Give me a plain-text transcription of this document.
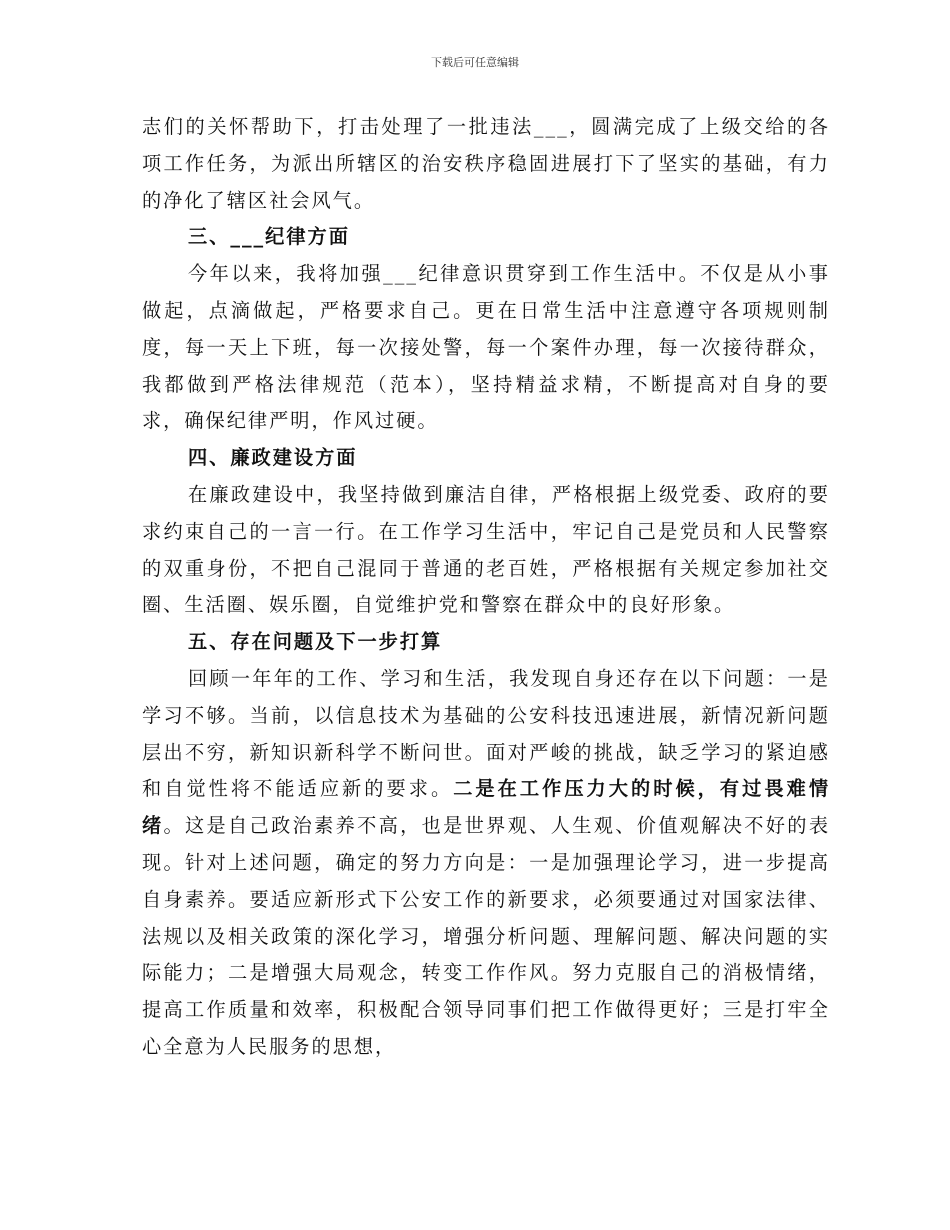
下载后可任意编辑

志们的关怀帮助下，打击处理了一批违法___，圆满完成了上级交给的各项工作任务，为派出所辖区的治安秩序稳固进展打下了坚实的基础，有力的净化了辖区社会风气。

三、___纪律方面

今年以来，我将加强___纪律意识贯穿到工作生活中。不仅是从小事做起，点滴做起，严格要求自己。更在日常生活中注意遵守各项规则制度，每一天上下班，每一次接处警，每一个案件办理，每一次接待群众，我都做到严格法律规范（范本），坚持精益求精，不断提高对自身的要求，确保纪律严明，作风过硬。

四、廉政建设方面

在廉政建设中，我坚持做到廉洁自律，严格根据上级党委、政府的要求约束自己的一言一行。在工作学习生活中，牢记自己是党员和人民警察的双重身份，不把自己混同于普通的老百姓，严格根据有关规定参加社交圈、生活圈、娱乐圈，自觉维护党和警察在群众中的良好形象。

五、存在问题及下一步打算

回顾一年年的工作、学习和生活，我发现自身还存在以下问题：一是学习不够。当前，以信息技术为基础的公安科技迅速进展，新情况新问题层出不穷，新知识新科学不断问世。面对严峻的挑战，缺乏学习的紧迫感和自觉性将不能适应新的要求。二是在工作压力大的时候，有过畏难情绪。这是自己政治素养不高，也是世界观、人生观、价值观解决不好的表现。针对上述问题，确定的努力方向是：一是加强理论学习，进一步提高自身素养。要适应新形式下公安工作的新要求，必须要通过对国家法律、法规以及相关政策的深化学习，增强分析问题、理解问题、解决问题的实际能力；二是增强大局观念，转变工作作风。努力克服自己的消极情绪，提高工作质量和效率，积极配合领导同事们把工作做得更好；三是打牢全心全意为人民服务的思想，
